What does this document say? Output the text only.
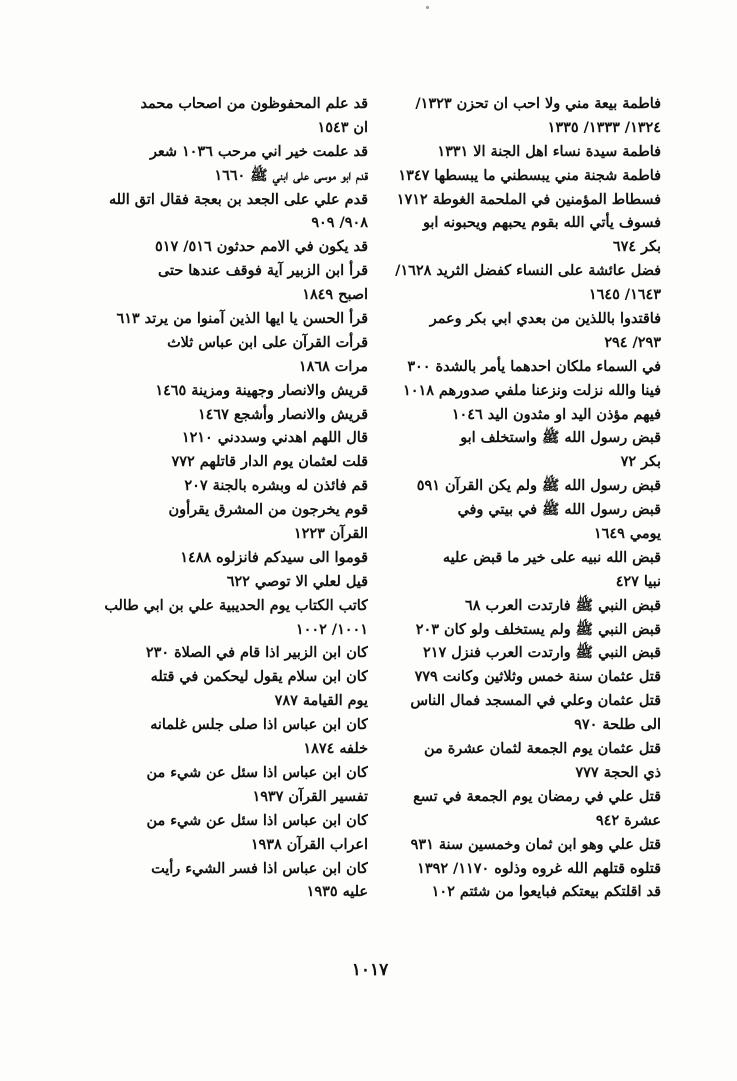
فاطمة بيعة مني ولا احب ان تحزن ١٣٢٣/
١٣٢٤/ ١٣٣٣/ ١٣٣٥
فاطمة سيدة نساء اهل الجنة الا ١٣٣١
فاطمة شجنة مني يبسطني ما يبسطها ١٣٤٧
فسطاط المؤمنين في الملحمة الغوطة ١٧١٢
فسوف يأتي الله بقوم يحبهم ويحبونه ابو
بكر ٦٧٤
فضل عائشة على النساء كفضل الثريد ١٦٢٨/
١٦٤٣/ ١٦٤٥
فاقتدوا باللذين من بعدي ابي بكر وعمر
٢٩٣/ ٢٩٤
في السماء ملكان احدهما يأمر بالشدة ٣٠٠
فينا والله نزلت ونزعنا ملفي صدورهم ١٠١٨
فيهم مؤذن اليد او مثدون اليد ١٠٤٦
قبض رسول الله ﷺ واستخلف ابو
بكر ٧٢
قبض رسول الله ﷺ ولم يكن القرآن ٥٩١
قبض رسول الله ﷺ في بيتي وفي
يومي ١٦٤٩
قبض الله نبيه على خير ما قبض عليه
نبيا ٤٢٧
قبض النبي ﷺ فارتدت العرب ٦٨
قبض النبي ﷺ ولم يستخلف ولو كان ٢٠٣
قبض النبي ﷺ وارتدت العرب فنزل ٢١٧
قتل عثمان سنة خمس وثلاثين وكانت ٧٧٩
قتل عثمان وعلي في المسجد فمال الناس
الى طلحة ٩٧٠
قتل عثمان يوم الجمعة لثمان عشرة من
ذي الحجة ٧٧٧
قتل علي في رمضان يوم الجمعة في تسع
عشرة ٩٤٢
قتل علي وهو ابن ثمان وخمسين سنة ٩٣١
قتلوه قتلهم الله غروه وذلوه ١١٧٠/ ١٣٩٢
قد اقلتكم بيعتكم فبايعوا من شئتم ١٠٢
قد علم المحفوظون من اصحاب محمد
ان ١٥٤٣
قد علمت خير اني مرحب ١٠٣٦ شعر
قدم ابو موسى على ابني ﷺ ١٦٦٠
قدم علي على الجعد بن بعجة فقال اتق الله
٩٠٨/ ٩٠٩
قد يكون في الامم حدثون ٥١٦/ ٥١٧
قرأ ابن الزبير آية فوقف عندها حتى
اصبح ١٨٤٩
قرأ الحسن يا ايها الذين آمنوا من يرتد ٦١٣
قرأت القرآن على ابن عباس ثلاث
مرات ١٨٦٨
قريش والانصار وجهينة ومزينة ١٤٦٥
قريش والانصار وأشجع ١٤٦٧
قال اللهم اهدني وسددني ١٢١٠
قلت لعثمان يوم الدار قاتلهم ٧٧٢
قم فائذن له وبشره بالجنة ٢٠٧
قوم يخرجون من المشرق يقرأون
القرآن ١٢٢٣
قوموا الى سيدكم فانزلوه ١٤٨٨
قيل لعلي الا توصي ٦٢٢
كاتب الكتاب يوم الحديبية علي بن ابي طالب
١٠٠١/ ١٠٠٢
كان ابن الزبير اذا قام في الصلاة ٢٣٠
كان ابن سلام يقول ليحكمن في قتله
يوم القيامة ٧٨٧
كان ابن عباس اذا صلى جلس غلمانه
خلفه ١٨٧٤
كان ابن عباس اذا سئل عن شيء من
تفسير القرآن ١٩٣٧
كان ابن عباس اذا سئل عن شيء من
اعراب القرآن ١٩٣٨
كان ابن عباس اذا فسر الشيء رأيت
عليه ١٩٣٥
١٠١٧
